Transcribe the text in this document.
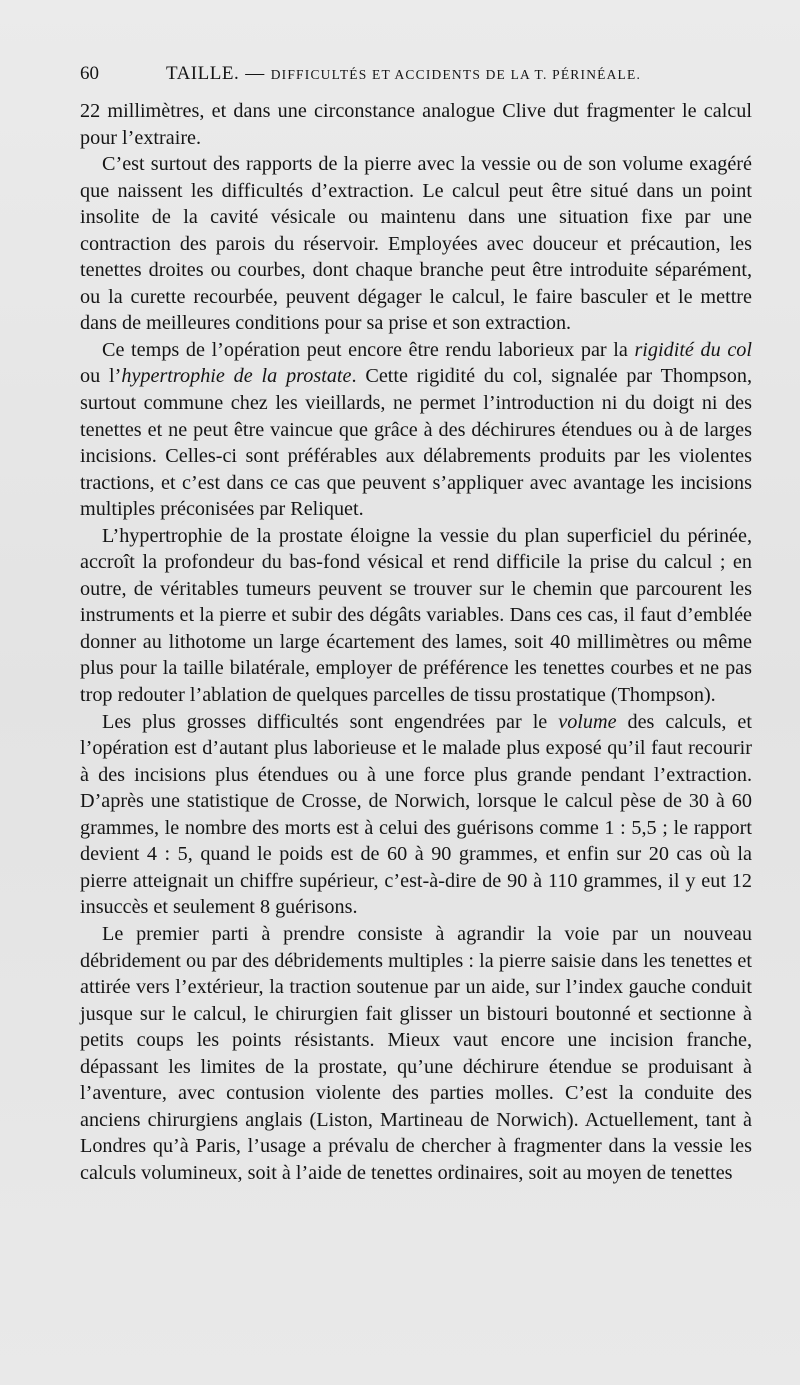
60	TAILLE. — DIFFICULTÉS ET ACCIDENTS DE LA T. PÉRINÉALE.

22 millimètres, et dans une circonstance analogue Clive dut fragmenter le calcul pour l’extraire.

C’est surtout des rapports de la pierre avec la vessie ou de son volume exagéré que naissent les difficultés d’extraction. Le calcul peut être situé dans un point insolite de la cavité vésicale ou maintenu dans une situation fixe par une contraction des parois du réservoir. Employées avec douceur et précaution, les tenettes droites ou courbes, dont chaque branche peut être introduite séparément, ou la curette recourbée, peuvent dégager le calcul, le faire basculer et le mettre dans de meilleures conditions pour sa prise et son extraction.

Ce temps de l’opération peut encore être rendu laborieux par la rigidité du col ou l’hypertrophie de la prostate. Cette rigidité du col, signalée par Thompson, surtout commune chez les vieillards, ne permet l’introduction ni du doigt ni des tenettes et ne peut être vaincue que grâce à des déchirures étendues ou à de larges incisions. Celles-ci sont préférables aux délabrements produits par les violentes tractions, et c’est dans ce cas que peuvent s’appliquer avec avantage les incisions multiples préconisées par Reliquet.

L’hypertrophie de la prostate éloigne la vessie du plan superficiel du périnée, accroît la profondeur du bas-fond vésical et rend difficile la prise du calcul ; en outre, de véritables tumeurs peuvent se trouver sur le chemin que parcourent les instruments et la pierre et subir des dégâts variables. Dans ces cas, il faut d’emblée donner au lithotome un large écartement des lames, soit 40 millimètres ou même plus pour la taille bilatérale, employer de préférence les tenettes courbes et ne pas trop redouter l’ablation de quelques parcelles de tissu prostatique (Thompson).

Les plus grosses difficultés sont engendrées par le volume des calculs, et l’opération est d’autant plus laborieuse et le malade plus exposé qu’il faut recourir à des incisions plus étendues ou à une force plus grande pendant l’extraction. D’après une statistique de Crosse, de Norwich, lorsque le calcul pèse de 30 à 60 grammes, le nombre des morts est à celui des guérisons comme 1 : 5,5 ; le rapport devient 4 : 5, quand le poids est de 60 à 90 grammes, et enfin sur 20 cas où la pierre atteignait un chiffre supérieur, c’est-à-dire de 90 à 110 grammes, il y eut 12 insuccès et seulement 8 guérisons.

Le premier parti à prendre consiste à agrandir la voie par un nouveau débridement ou par des débridements multiples : la pierre saisie dans les tenettes et attirée vers l’extérieur, la traction soutenue par un aide, sur l’index gauche conduit jusque sur le calcul, le chirurgien fait glisser un bistouri boutonné et sectionne à petits coups les points résistants. Mieux vaut encore une incision franche, dépassant les limites de la prostate, qu’une déchirure étendue se produisant à l’aventure, avec contusion violente des parties molles. C’est la conduite des anciens chirurgiens anglais (Liston, Martineau de Norwich). Actuellement, tant à Londres qu’à Paris, l’usage a prévalu de chercher à fragmenter dans la vessie les calculs volumineux, soit à l’aide de tenettes ordinaires, soit au moyen de tenettes
